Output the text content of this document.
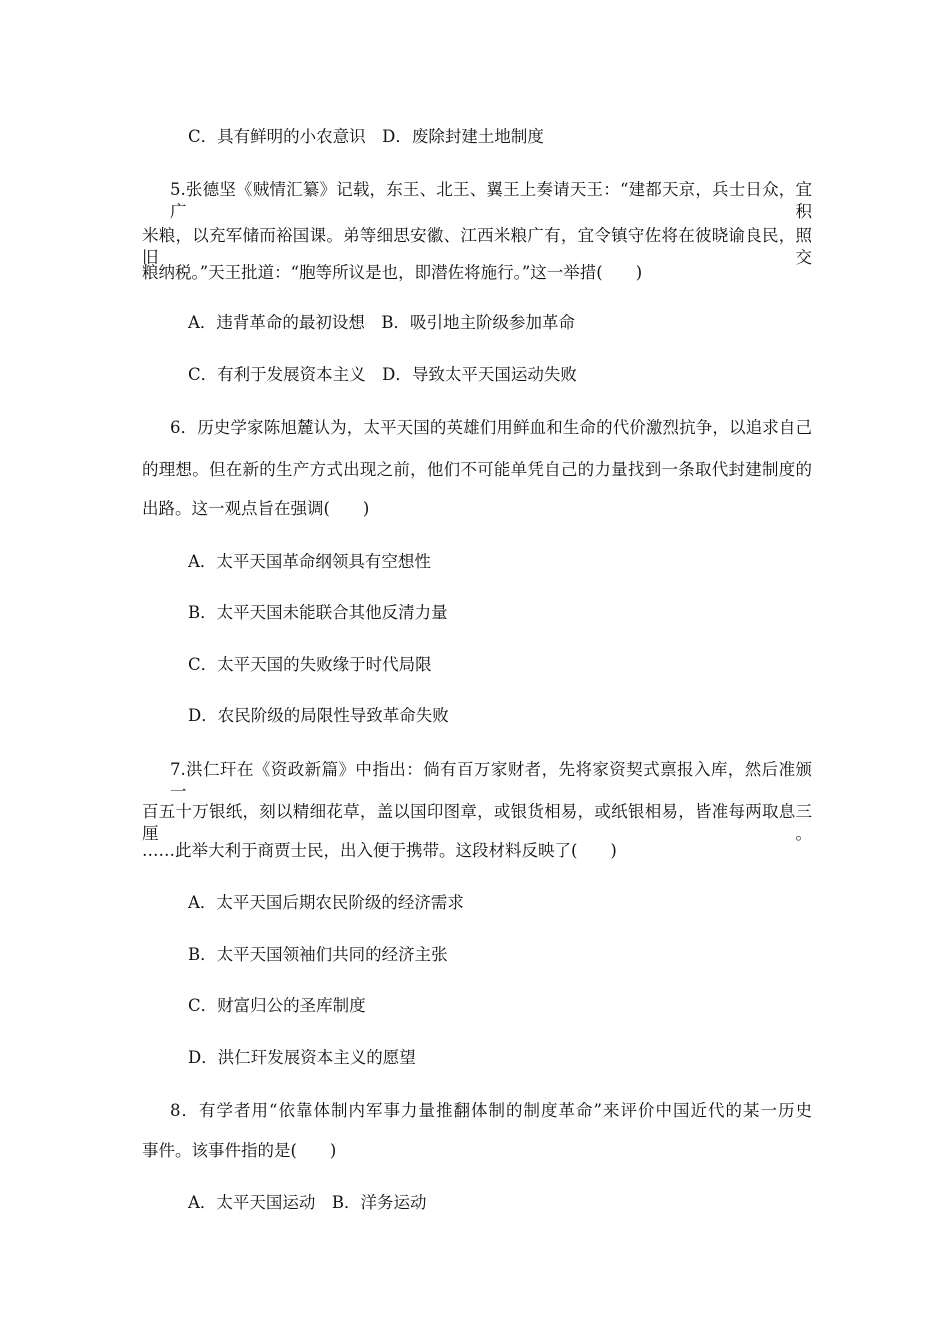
C．具有鲜明的小农意识　D．废除封建土地制度
5.张德坚《贼情汇纂》记载，东王、北王、翼王上奏请天王：“建都天京，兵士日众，宜广积
米粮，以充军储而裕国课。弟等细思安徽、江西米粮广有，宜令镇守佐将在彼晓谕良民，照旧交
粮纳税。”天王批道：“胞等所议是也，即潜佐将施行。”这一举措(　　)
A．违背革命的最初设想　B．吸引地主阶级参加革命
C．有利于发展资本主义　D．导致太平天国运动失败
6．历史学家陈旭麓认为，太平天国的英雄们用鲜血和生命的代价激烈抗争，以追求自己
的理想。但在新的生产方式出现之前，他们不可能单凭自己的力量找到一条取代封建制度的
出路。这一观点旨在强调(　　)
A．太平天国革命纲领具有空想性
B．太平天国未能联合其他反清力量
C．太平天国的失败缘于时代局限
D．农民阶级的局限性导致革命失败
7.洪仁玕在《资政新篇》中指出：倘有百万家财者，先将家资契式禀报入库，然后准颁一
百五十万银纸，刻以精细花草，盖以国印图章，或银货相易，或纸银相易，皆准每两取息三厘。
……此举大利于商贾士民，出入便于携带。这段材料反映了(　　)
A．太平天国后期农民阶级的经济需求
B．太平天国领袖们共同的经济主张
C．财富归公的圣库制度
D．洪仁玕发展资本主义的愿望
8．有学者用“依靠体制内军事力量推翻体制的制度革命”来评价中国近代的某一历史
事件。该事件指的是(　　)
A．太平天国运动　B．洋务运动
